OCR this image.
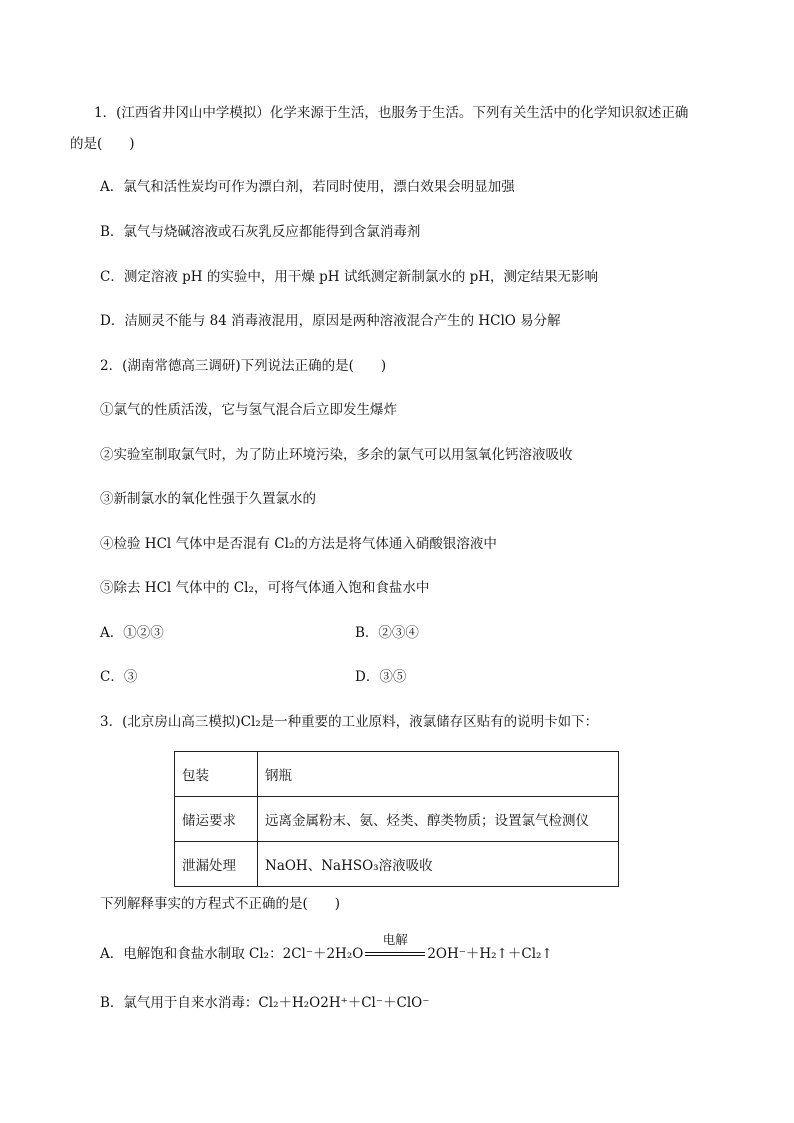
1．(江西省井冈山中学模拟）化学来源于生活，也服务于生活。下列有关生活中的化学知识叙述正确
的是(　　)
A．氯气和活性炭均可作为漂白剂，若同时使用，漂白效果会明显加强
B．氯气与烧碱溶液或石灰乳反应都能得到含氯消毒剂
C．测定溶液 pH 的实验中，用干燥 pH 试纸测定新制氯水的 pH，测定结果无影响
D．洁厕灵不能与 84 消毒液混用，原因是两种溶液混合产生的 HClO 易分解
2．(湖南常德高三调研)下列说法正确的是(　　)
①氯气的性质活泼，它与氢气混合后立即发生爆炸
②实验室制取氯气时，为了防止环境污染，多余的氯气可以用氢氧化钙溶液吸收
③新制氯水的氧化性强于久置氯水的
④检验 HCl 气体中是否混有 Cl₂的方法是将气体通入硝酸银溶液中
⑤除去 HCl 气体中的 Cl₂，可将气体通入饱和食盐水中
A．①②③	B．②③④
C．③	D．③⑤
3．(北京房山高三模拟)Cl₂是一种重要的工业原料，液氯储存区贴有的说明卡如下：
包装	钢瓶
储运要求	远离金属粉末、氨、烃类、醇类物质；设置氯气检测仪
泄漏处理	NaOH、NaHSO₃溶液吸收
下列解释事实的方程式不正确的是(　　)
A．电解饱和食盐水制取 Cl₂：2Cl⁻＋2H₂O
电解
2OH⁻＋H₂↑＋Cl₂↑
B．氯气用于自来水消毒：Cl₂＋H₂O2H⁺＋Cl⁻＋ClO⁻
